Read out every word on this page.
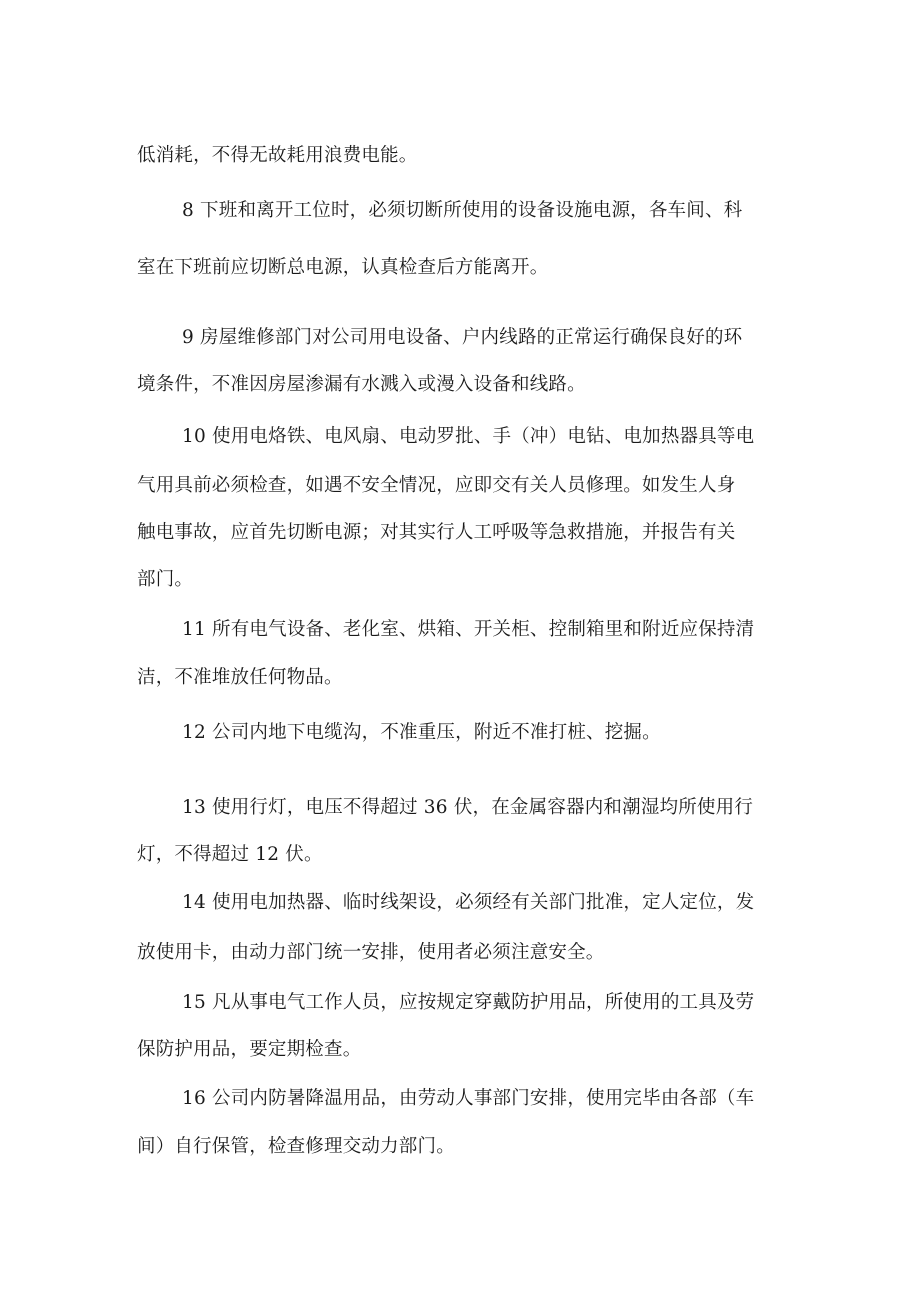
低消耗，不得无故耗用浪费电能。
8 下班和离开工位时，必须切断所使用的设备设施电源，各车间、科
室在下班前应切断总电源，认真检查后方能离开。
9 房屋维修部门对公司用电设备、户内线路的正常运行确保良好的环
境条件，不准因房屋渗漏有水溅入或漫入设备和线路。
10 使用电烙铁、电风扇、电动罗批、手（冲）电钻、电加热器具等电
气用具前必须检查，如遇不安全情况，应即交有关人员修理。如发生人身
触电事故，应首先切断电源；对其实行人工呼吸等急救措施，并报告有关
部门。
11 所有电气设备、老化室、烘箱、开关柜、控制箱里和附近应保持清
洁，不准堆放任何物品。
12 公司内地下电缆沟，不准重压，附近不准打桩、挖掘。
13 使用行灯，电压不得超过 36 伏，在金属容器内和潮湿均所使用行
灯，不得超过 12 伏。
14 使用电加热器、临时线架设，必须经有关部门批准，定人定位，发
放使用卡，由动力部门统一安排，使用者必须注意安全。
15 凡从事电气工作人员，应按规定穿戴防护用品，所使用的工具及劳
保防护用品，要定期检查。
16 公司内防暑降温用品，由劳动人事部门安排，使用完毕由各部（车
间）自行保管，检查修理交动力部门。
